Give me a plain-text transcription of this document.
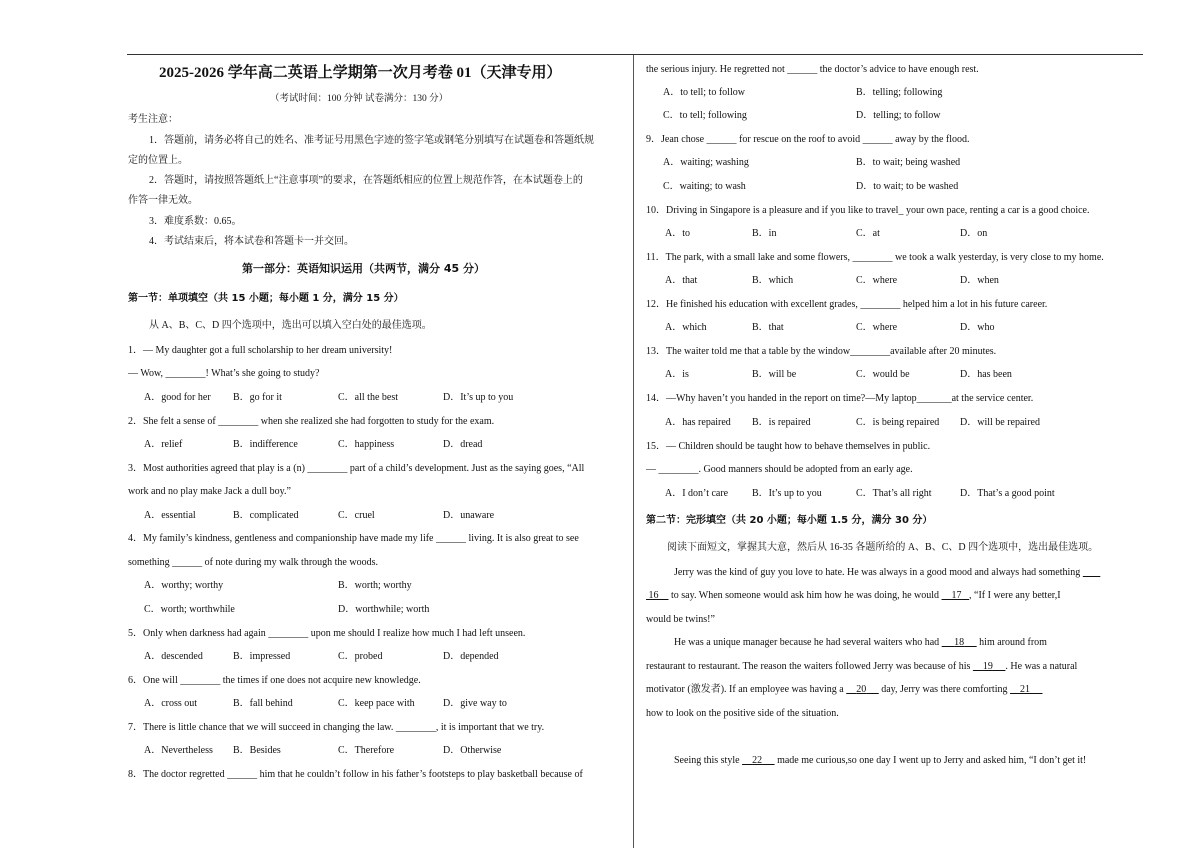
2025-2026 学年高二英语上学期第一次月考卷 01（天津专用）
（考试时间：100 分钟 试卷满分：130 分）
考生注意：
1．答题前，请务必将自己的姓名、准考证号用黑色字迹的签字笔或钢笔分别填写在试题卷和答题纸规
定的位置上。
2．答题时，请按照答题纸上“注意事项”的要求，在答题纸相应的位置上规范作答，在本试题卷上的
作答一律无效。
3．难度系数：0.65。
4．考试结束后，将本试卷和答题卡一并交回。
第一部分：英语知识运用（共两节，满分 45 分）
第一节：单项填空（共 15 小题；每小题 1 分，满分 15 分）
从 A、B、C、D 四个选项中，选出可以填入空白处的最佳选项。
1．— My daughter got a full scholarship to her dream university!
— Wow, ________! What’s she going to study?
A．good for her B．go for it	C．all the best	D．It’s up to you
2．She felt a sense of ________ when she realized she had forgotten to study for the exam.
A．relief	B．indifference	C．happiness	D．dread
3．Most authorities agreed that play is a (n) ________ part of a child’s development. Just as the saying goes, “All
work and no play make Jack a dull boy.”
A．essential	B．complicated	C．cruel	D．unaware
4．My family’s kindness, gentleness and companionship have made my life ______ living. It is also great to see
something ______ of note during my walk through the woods.
A．worthy; worthy	B．worth; worthy
C．worth; worthwhile	D．worthwhile; worth
5．Only when darkness had again ________ upon me should I realize how much I had left unseen.
A．descended	B．impressed	C．probed	D．depended
6．One will ________ the times if one does not acquire new knowledge.
A．cross out	B．fall behind	C．keep pace with	D．give way to
7．There is little chance that we will succeed in changing the law. ________, it is important that we try.
A．Nevertheless B．Besides	C．Therefore	D．Otherwise
8．The doctor regretted ______ him that he couldn’t follow in his father’s footsteps to play basketball because of
the serious injury. He regretted not ______ the doctor’s advice to have enough rest.
A．to tell; to follow	B．telling; following
C．to tell; following	D．telling; to follow
9．Jean chose ______ for rescue on the roof to avoid ______ away by the flood.
A．waiting; washing	B．to wait; being washed
C．waiting; to wash	D．to wait; to be washed
10．Driving in Singapore is a pleasure and if you like to travel_ your own pace, renting a car is a good choice.
A．to	B．in	C．at	D．on
11．The park, with a small lake and some flowers, ________ we took a walk yesterday, is very close to my home.
A．that	B．which	C．where	D．when
12．He finished his education with excellent grades, ________ helped him a lot in his future career.
A．which	B．that	C．where	D．who
13．The waiter told me that a table by the window________available after 20 minutes.
A．is	B．will be	C．would be	D．has been
14．—Why haven’t you handed in the report on time?—My laptop_______at the service center.
A．has repaired B．is repaired	C．is being repaired D．will be repaired
15．— Children should be taught how to behave themselves in public.
— ________. Good manners should be adopted from an early age.
A．I don’t care B．It’s up to you	C．That’s all right	D．That’s a good point
第二节：完形填空（共 20 小题；每小题 1.5 分，满分 30 分）
阅读下面短文，掌握其大意，然后从 16-35 各题所给的 A、B、C、D 四个选项中，选出最佳选项。
Jerry was the kind of guy you love to hate. He was always in a good mood and always had something
16 to say. When someone would ask him how he was doing, he would 17 , “If I were any better,I
would be twins!”
He was a unique manager because he had several waiters who had 18 him around from
restaurant to restaurant. The reason the waiters followed Jerry was because of his 19 . He was a natural
motivator (激发者). If an employee was having a 20 day, Jerry was there comforting 21
how to look on the positive side of the situation.
Seeing this style 22 made me curious,so one day I went up to Jerry and asked him, “I don’t get it!
